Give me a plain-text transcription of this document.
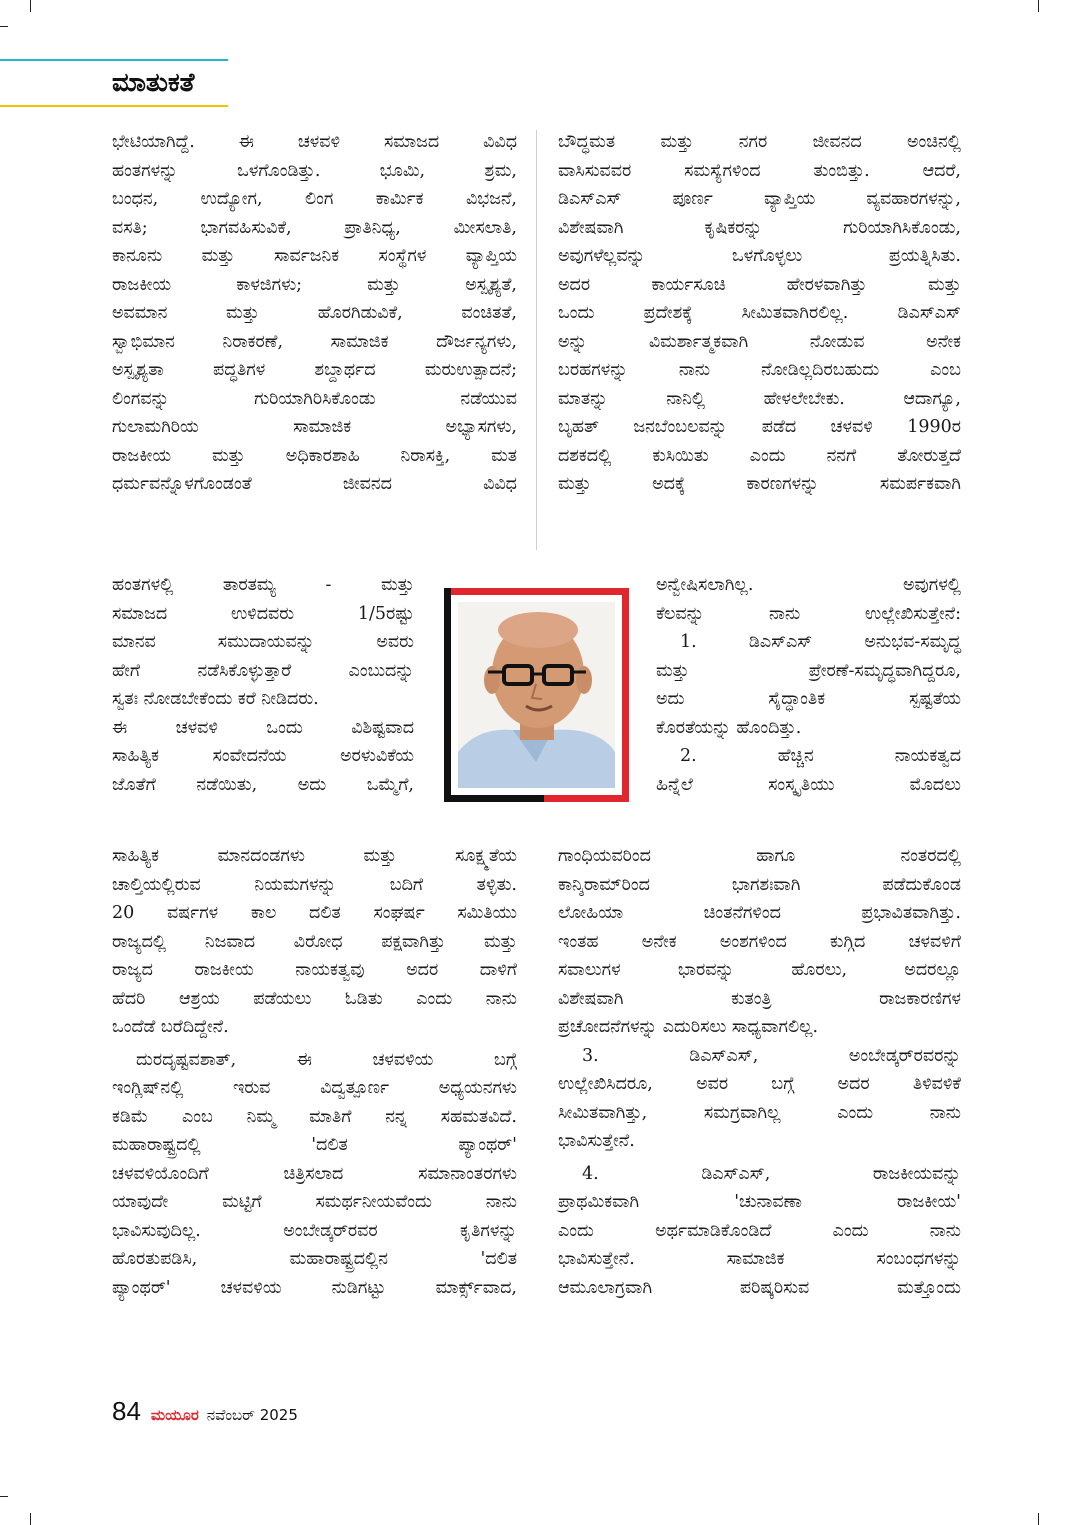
ಮಾತುಕತೆ

ಭೇಟಿಯಾಗಿದ್ದೆ. ಈ ಚಳವಳಿ ಸಮಾಜದ ವಿವಿಧ

ಹಂತಗಳನ್ನು ಒಳಗೊಂಡಿತ್ತು. ಭೂಮಿ, ಶ್ರಮ,

ಬಂಧನ, ಉದ್ಯೋಗ, ಲಿಂಗ ಕಾರ್ಮಿಕ ವಿಭಜನೆ,

ವಸತಿ; ಭಾಗವಹಿಸುವಿಕೆ, ಪ್ರಾತಿನಿಧ್ಯ, ಮೀಸಲಾತಿ,

ಕಾನೂನು ಮತ್ತು ಸಾರ್ವಜನಿಕ ಸಂಸ್ಥೆಗಳ ವ್ಯಾಪ್ತಿಯ

ರಾಜಕೀಯ ಕಾಳಜಿಗಳು; ಮತ್ತು ಅಸ್ಪೃಶ್ಯತೆ,

ಅವಮಾನ ಮತ್ತು ಹೊರಗಿಡುವಿಕೆ, ವಂಚಿತತೆ,

ಸ್ವಾಭಿಮಾನ ನಿರಾಕರಣೆ, ಸಾಮಾಜಿಕ ದೌರ್ಜನ್ಯಗಳು,

ಅಸ್ಪೃಶ್ಯತಾ ಪದ್ಧತಿಗಳ ಶಬ್ದಾರ್ಥದ ಮರುಉತ್ಪಾದನೆ;

ಲಿಂಗವನ್ನು ಗುರಿಯಾಗಿರಿಸಿಕೊಂಡು ನಡೆಯುವ

ಗುಲಾಮಗಿರಿಯ ಸಾಮಾಜಿಕ ಅಭ್ಯಾಸಗಳು,

ರಾಜಕೀಯ ಮತ್ತು ಅಧಿಕಾರಶಾಹಿ ನಿರಾಸಕ್ತಿ, ಮತ

ಧರ್ಮವನ್ನೊಳಗೊಂಡಂತೆ ಜೀವನದ ವಿವಿಧ

ಹಂತಗಳಲ್ಲಿ ತಾರತಮ್ಯ - ಮತ್ತು

ಸಮಾಜದ ಉಳಿದವರು 1/5ರಷ್ಟು

ಮಾನವ ಸಮುದಾಯವನ್ನು ಅವರು

ಹೇಗೆ ನಡೆಸಿಕೊಳ್ಳುತ್ತಾರೆ ಎಂಬುದನ್ನು

ಸ್ವತಃ ನೋಡಬೇಕೆಂದು ಕರೆ ನೀಡಿದರು.

ಈ ಚಳವಳಿ ಒಂದು ವಿಶಿಷ್ಟವಾದ

ಸಾಹಿತ್ಯಿಕ ಸಂವೇದನೆಯ ಅರಳುವಿಕೆಯ

ಜೊತೆಗೆ ನಡೆಯಿತು, ಅದು ಒಮ್ಮೆಗೆ,

ಸಾಹಿತ್ಯಿಕ ಮಾನದಂಡಗಳು ಮತ್ತು ಸೂಕ್ಷ್ಮತೆಯ

ಚಾಲ್ತಿಯಲ್ಲಿರುವ ನಿಯಮಗಳನ್ನು ಬದಿಗೆ ತಳ್ಳಿತು.

20 ವರ್ಷಗಳ ಕಾಲ ದಲಿತ ಸಂಘರ್ಷ ಸಮಿತಿಯು

ರಾಜ್ಯದಲ್ಲಿ ನಿಜವಾದ ವಿರೋಧ ಪಕ್ಷವಾಗಿತ್ತು ಮತ್ತು

ರಾಜ್ಯದ ರಾಜಕೀಯ ನಾಯಕತ್ವವು ಅದರ ದಾಳಿಗೆ

ಹೆದರಿ ಆಶ್ರಯ ಪಡೆಯಲು ಓಡಿತು ಎಂದು ನಾನು

ಒಂದೆಡೆ ಬರೆದಿದ್ದೇನೆ.

ದುರದೃಷ್ಟವಶಾತ್, ಈ ಚಳವಳಿಯ ಬಗ್ಗೆ

ಇಂಗ್ಲಿಷ್‌ನಲ್ಲಿ ಇರುವ ವಿದ್ವತ್ಪೂರ್ಣ ಅಧ್ಯಯನಗಳು

ಕಡಿಮೆ ಎಂಬ ನಿಮ್ಮ ಮಾತಿಗೆ ನನ್ನ ಸಹಮತವಿದೆ.

ಮಹಾರಾಷ್ಟ್ರದಲ್ಲಿ 'ದಲಿತ ಪ್ಯಾಂಥರ್'

ಚಳವಳಿಯೊಂದಿಗೆ ಚಿತ್ರಿಸಲಾದ ಸಮಾನಾಂತರಗಳು

ಯಾವುದೇ ಮಟ್ಟಿಗೆ ಸಮರ್ಥನೀಯವೆಂದು ನಾನು

ಭಾವಿಸುವುದಿಲ್ಲ. ಅಂಬೇಡ್ಕರ್‌ರವರ ಕೃತಿಗಳನ್ನು

ಹೊರತುಪಡಿಸಿ, ಮಹಾರಾಷ್ಟ್ರದಲ್ಲಿನ 'ದಲಿತ

ಪ್ಯಾಂಥರ್' ಚಳವಳಿಯ ನುಡಿಗಟ್ಟು ಮಾರ್ಕ್ಸ್‌ವಾದ,

ಬೌದ್ಧಮತ ಮತ್ತು ನಗರ ಜೀವನದ ಅಂಚಿನಲ್ಲಿ

ವಾಸಿಸುವವರ ಸಮಸ್ಯೆಗಳಿಂದ ತುಂಬಿತ್ತು. ಆದರೆ,

ಡಿಎಸ್‌ಎಸ್ ಪೂರ್ಣ ವ್ಯಾಪ್ತಿಯ ವ್ಯವಹಾರಗಳನ್ನು,

ವಿಶೇಷವಾಗಿ ಕೃಷಿಕರನ್ನು ಗುರಿಯಾಗಿಸಿಕೊಂಡು,

ಅವುಗಳೆಲ್ಲವನ್ನು ಒಳಗೊಳ್ಳಲು ಪ್ರಯತ್ನಿಸಿತು.

ಅದರ ಕಾರ್ಯಸೂಚಿ ಹೇರಳವಾಗಿತ್ತು ಮತ್ತು

ಒಂದು ಪ್ರದೇಶಕ್ಕೆ ಸೀಮಿತವಾಗಿರಲಿಲ್ಲ. ಡಿಎಸ್‌ಎಸ್

ಅನ್ನು ವಿಮರ್ಶಾತ್ಮಕವಾಗಿ ನೋಡುವ ಅನೇಕ

ಬರಹಗಳನ್ನು ನಾನು ನೋಡಿಲ್ಲದಿರಬಹುದು ಎಂಬ

ಮಾತನ್ನು ನಾನಿಲ್ಲಿ ಹೇಳಲೇಬೇಕು. ಆದಾಗ್ಯೂ,

ಬೃಹತ್ ಜನಬೆಂಬಲವನ್ನು ಪಡೆದ ಚಳವಳಿ 1990ರ

ದಶಕದಲ್ಲಿ ಕುಸಿಯಿತು ಎಂದು ನನಗೆ ತೋರುತ್ತದೆ

ಮತ್ತು ಅದಕ್ಕೆ ಕಾರಣಗಳನ್ನು ಸಮರ್ಪಕವಾಗಿ

ಅನ್ವೇಷಿಸಲಾಗಿಲ್ಲ. ಅವುಗಳಲ್ಲಿ

ಕೆಲವನ್ನು ನಾನು ಉಲ್ಲೇಖಿಸುತ್ತೇನೆ:

1. ಡಿಎಸ್‌ಎಸ್ ಅನುಭವ-ಸಮೃದ್ಧ

ಮತ್ತು ಪ್ರೇರಣೆ-ಸಮೃದ್ಧವಾಗಿದ್ದರೂ,

ಅದು ಸೈದ್ಧಾಂತಿಕ ಸ್ಪಷ್ಟತೆಯ

ಕೊರತೆಯನ್ನು ಹೊಂದಿತ್ತು.

2. ಹೆಚ್ಚಿನ ನಾಯಕತ್ವದ

ಹಿನ್ನೆಲೆ ಸಂಸ್ಕೃತಿಯು ಮೊದಲು

ಗಾಂಧಿಯವರಿಂದ ಹಾಗೂ ನಂತರದಲ್ಲಿ

ಕಾನ್ಶಿರಾಮ್‌ರಿಂದ ಭಾಗಶಃವಾಗಿ ಪಡೆದುಕೊಂಡ

ಲೋಹಿಯಾ ಚಿಂತನೆಗಳಿಂದ ಪ್ರಭಾವಿತವಾಗಿತ್ತು.

ಇಂತಹ ಅನೇಕ ಅಂಶಗಳಿಂದ ಕುಗ್ಗಿದ ಚಳವಳಿಗೆ

ಸವಾಲುಗಳ ಭಾರವನ್ನು ಹೊರಲು, ಅದರಲ್ಲೂ

ವಿಶೇಷವಾಗಿ ಕುತಂತ್ರಿ ರಾಜಕಾರಣಿಗಳ

ಪ್ರಚೋದನೆಗಳನ್ನು ಎದುರಿಸಲು ಸಾಧ್ಯವಾಗಲಿಲ್ಲ.

3. ಡಿಎಸ್‌ಎಸ್, ಅಂಬೇಡ್ಕರ್‌ರವರನ್ನು

ಉಲ್ಲೇಖಿಸಿದರೂ, ಅವರ ಬಗ್ಗೆ ಅದರ ತಿಳಿವಳಿಕೆ

ಸೀಮಿತವಾಗಿತ್ತು, ಸಮಗ್ರವಾಗಿಲ್ಲ ಎಂದು ನಾನು

ಭಾವಿಸುತ್ತೇನೆ.

4. ಡಿಎಸ್‌ಎಸ್, ರಾಜಕೀಯವನ್ನು

ಪ್ರಾಥಮಿಕವಾಗಿ 'ಚುನಾವಣಾ ರಾಜಕೀಯ'

ಎಂದು ಅರ್ಥಮಾಡಿಕೊಂಡಿದೆ ಎಂದು ನಾನು

ಭಾವಿಸುತ್ತೇನೆ. ಸಾಮಾಜಿಕ ಸಂಬಂಧಗಳನ್ನು

ಆಮೂಲಾಗ್ರವಾಗಿ ಪರಿಷ್ಕರಿಸುವ ಮತ್ತೊಂದು

84 ಮಯೂರ ನವೆಂಬರ್ 2025
